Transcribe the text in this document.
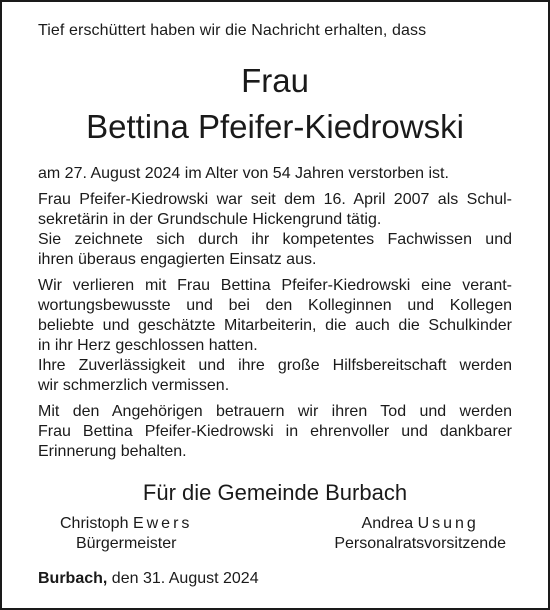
Tief erschüttert haben wir die Nachricht erhalten, dass
Frau
Bettina Pfeifer-Kiedrowski

am 27. August 2024 im Alter von 54 Jahren verstorben ist.

Frau Pfeifer-Kiedrowski war seit dem 16. April 2007 als Schul-
sekretärin in der Grundschule Hickengrund tätig.
Sie zeichnete sich durch ihr kompetentes Fachwissen und
ihren überaus engagierten Einsatz aus.

Wir verlieren mit Frau Bettina Pfeifer-Kiedrowski eine verant-
wortungsbewusste und bei den Kolleginnen und Kollegen
beliebte und geschätzte Mitarbeiterin, die auch die Schulkinder
in ihr Herz geschlossen hatten.
Ihre Zuverlässigkeit und ihre große Hilfsbereitschaft werden
wir schmerzlich vermissen.

Mit den Angehörigen betrauern wir ihren Tod und werden
Frau Bettina Pfeifer-Kiedrowski in ehrenvoller und dankbarer
Erinnerung behalten.

Für die Gemeinde Burbach
Christoph Ewers
Bürgermeister
Andrea Usung
Personalratsvorsitzende
Burbach, den 31. August 2024
